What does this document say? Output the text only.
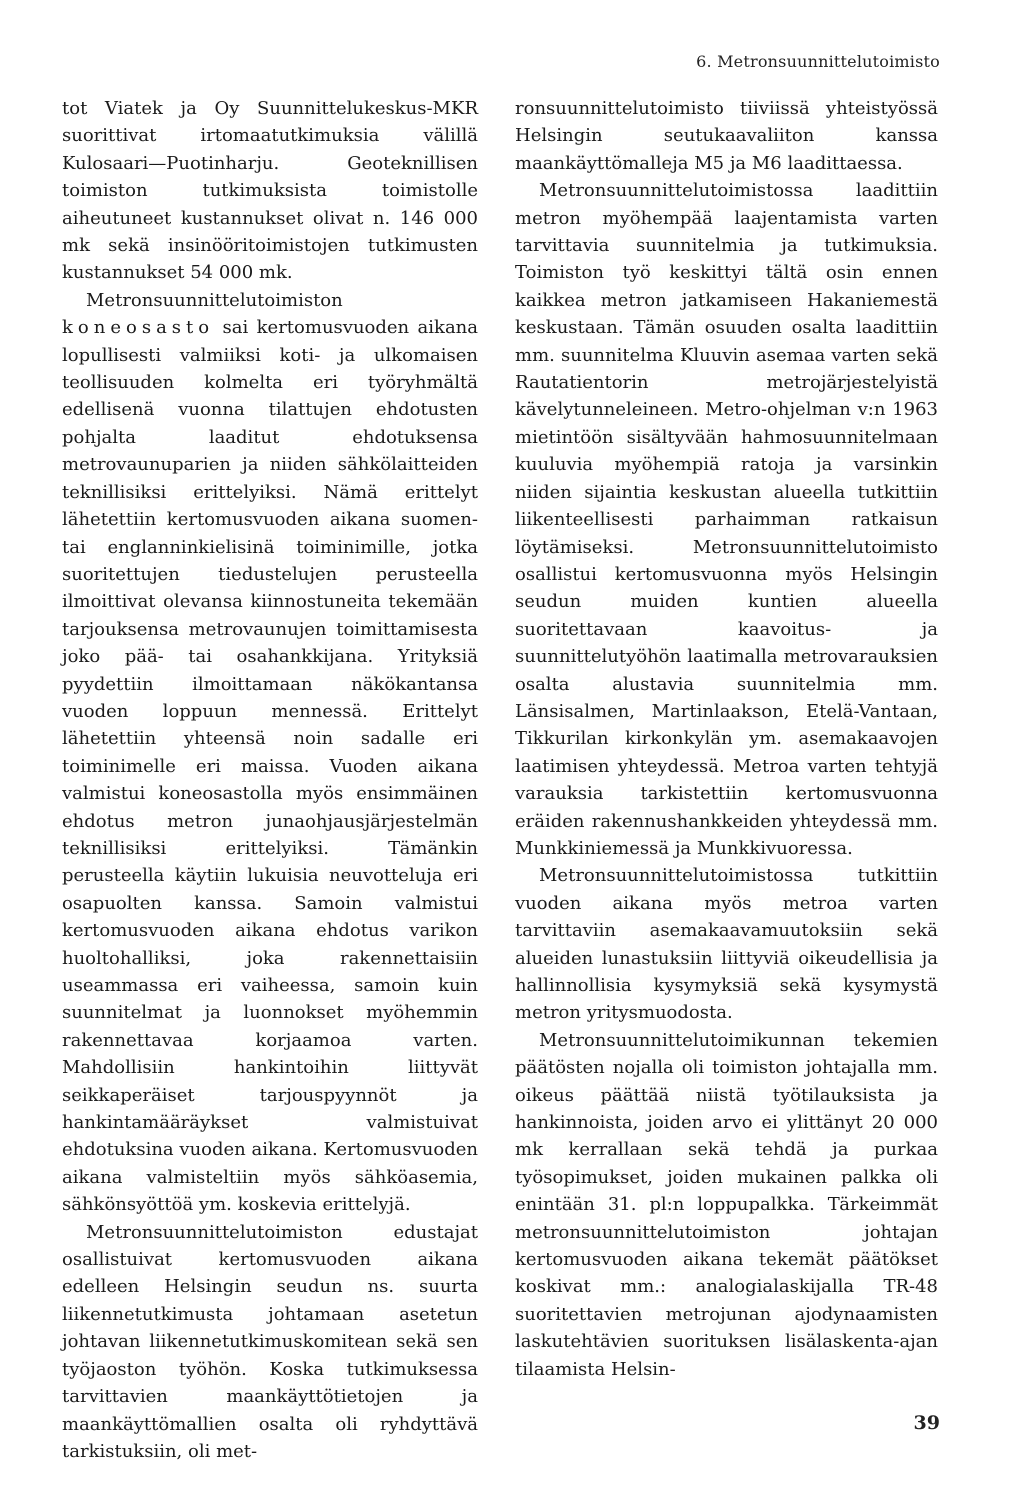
6. Metronsuunnittelutoimisto

tot Viatek ja Oy Suunnittelukeskus-MKR suorittivat irtomaatutkimuksia välillä Kulosaari—Puotinharju. Geoteknillisen toimiston tutkimuksista toimistolle aiheutuneet kustannukset olivat n. 146 000 mk sekä insinööritoimistojen tutkimusten kustannukset 54 000 mk.

Metronsuunnittelutoimiston koneosasto sai kertomusvuoden aikana lopullisesti valmiiksi koti- ja ulkomaisen teollisuuden kolmelta eri työryhmältä edellisenä vuonna tilattujen ehdotusten pohjalta laaditut ehdotuksensa metrovaunuparien ja niiden sähkölaitteiden teknillisiksi erittelyiksi. Nämä erittelyt lähetettiin kertomusvuoden aikana suomen- tai englanninkielisinä toiminimille, jotka suoritettujen tiedustelujen perusteella ilmoittivat olevansa kiinnostuneita tekemään tarjouksensa metrovaunujen toimittamisesta joko pää- tai osahankkijana. Yrityksiä pyydettiin ilmoittamaan näkökantansa vuoden loppuun mennessä. Erittelyt lähetettiin yhteensä noin sadalle eri toiminimelle eri maissa. Vuoden aikana valmistui koneosastolla myös ensimmäinen ehdotus metron junaohjausjärjestelmän teknillisiksi erittelyiksi. Tämänkin perusteella käytiin lukuisia neuvotteluja eri osapuolten kanssa. Samoin valmistui kertomusvuoden aikana ehdotus varikon huoltohalliksi, joka rakennettaisiin useammassa eri vaiheessa, samoin kuin suunnitelmat ja luonnokset myöhemmin rakennettavaa korjaamoa varten. Mahdollisiin hankintoihin liittyvät seikkaperäiset tarjouspyynnöt ja hankintamääräykset valmistuivat ehdotuksina vuoden aikana. Kertomusvuoden aikana valmisteltiin myös sähköasemia, sähkönsyöttöä ym. koskevia erittelyjä.

Metronsuunnittelutoimiston edustajat osallistuivat kertomusvuoden aikana edelleen Helsingin seudun ns. suurta liikennetutkimusta johtamaan asetetun johtavan liikennetutkimuskomitean sekä sen työjaoston työhön. Koska tutkimuksessa tarvittavien maankäyttötietojen ja maankäyttömallien osalta oli ryhdyttävä tarkistuksiin, oli met-

ronsuunnittelutoimisto tiiviissä yhteistyössä Helsingin seutukaavaliiton kanssa maankäyttömalleja M5 ja M6 laadittaessa.

Metronsuunnittelutoimistossa laadittiin metron myöhempää laajentamista varten tarvittavia suunnitelmia ja tutkimuksia. Toimiston työ keskittyi tältä osin ennen kaikkea metron jatkamiseen Hakaniemestä keskustaan. Tämän osuuden osalta laadittiin mm. suunnitelma Kluuvin asemaa varten sekä Rautatientorin metrojärjestelyistä kävelytunneleineen. Metro-ohjelman v:n 1963 mietintöön sisältyvään hahmosuunnitelmaan kuuluvia myöhempiä ratoja ja varsinkin niiden sijaintia keskustan alueella tutkittiin liikenteellisesti parhaimman ratkaisun löytämiseksi. Metronsuunnittelutoimisto osallistui kertomusvuonna myös Helsingin seudun muiden kuntien alueella suoritettavaan kaavoitus- ja suunnittelutyöhön laatimalla metrovarauksien osalta alustavia suunnitelmia mm. Länsisalmen, Martinlaakson, Etelä-Vantaan, Tikkurilan kirkonkylän ym. asemakaavojen laatimisen yhteydessä. Metroa varten tehtyjä varauksia tarkistettiin kertomusvuonna eräiden rakennushankkeiden yhteydessä mm. Munkkiniemessä ja Munkkivuoressa.

Metronsuunnittelutoimistossa tutkittiin vuoden aikana myös metroa varten tarvittaviin asemakaavamuutoksiin sekä alueiden lunastuksiin liittyviä oikeudellisia ja hallinnollisia kysymyksiä sekä kysymystä metron yritysmuodosta.

Metronsuunnittelutoimikunnan tekemien päätösten nojalla oli toimiston johtajalla mm. oikeus päättää niistä työtilauksista ja hankinnoista, joiden arvo ei ylittänyt 20 000 mk kerrallaan sekä tehdä ja purkaa työsopimukset, joiden mukainen palkka oli enintään 31. pl:n loppupalkka. Tärkeimmät metronsuunnittelutoimiston johtajan kertomusvuoden aikana tekemät päätökset koskivat mm.: analogialaskijalla TR-48 suoritettavien metrojunan ajodynaamisten laskutehtävien suorituksen lisälaskenta-ajan tilaamista Helsin-

39
